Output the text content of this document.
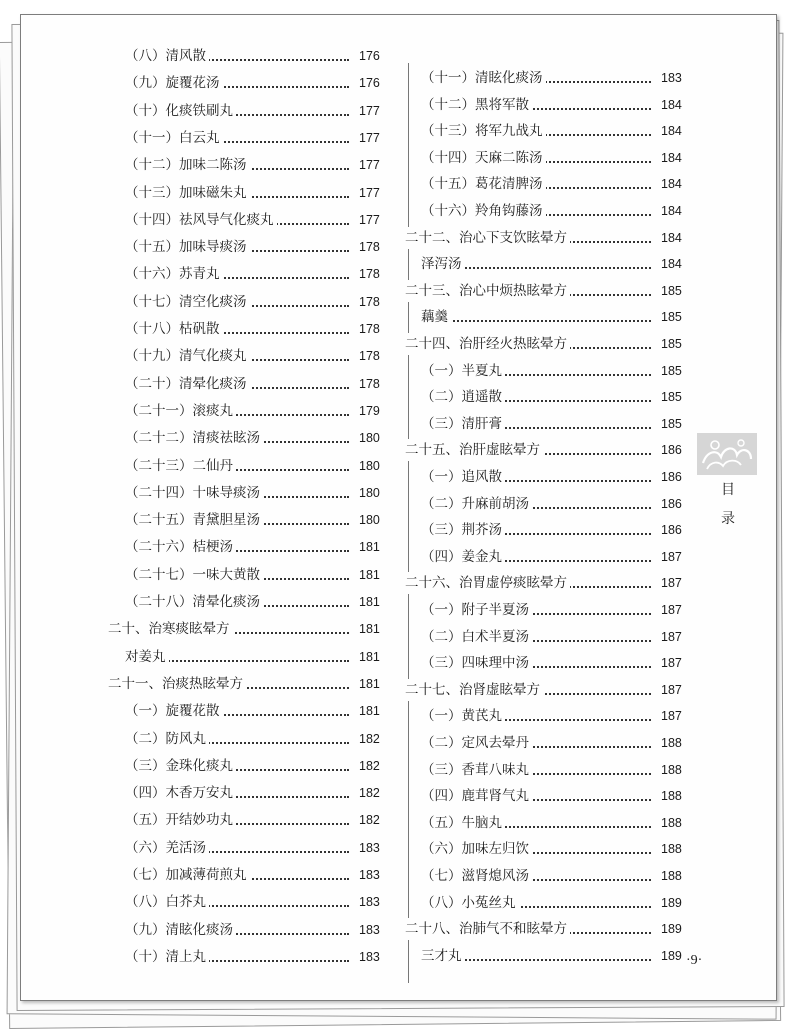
（八）清风散	176
（九）旋覆花汤	176
（十）化痰铁刷丸	177
（十一）白云丸	177
（十二）加味二陈汤	177
（十三）加味磁朱丸	177
（十四）祛风导气化痰丸	177
（十五）加味导痰汤	178
（十六）苏青丸	178
（十七）清空化痰汤	178
（十八）枯矾散	178
（十九）清气化痰丸	178
（二十）清晕化痰汤	178
（二十一）滚痰丸	179
（二十二）清痰祛眩汤	180
（二十三）二仙丹	180
（二十四）十味导痰汤	180
（二十五）青黛胆星汤	180
（二十六）桔梗汤	181
（二十七）一味大黄散	181
（二十八）清晕化痰汤	181
二十、治寒痰眩晕方	181
对姜丸	181
二十一、治痰热眩晕方	181
（一）旋覆花散	181
（二）防风丸	182
（三）金珠化痰丸	182
（四）木香万安丸	182
（五）开结妙功丸	182
（六）羌活汤	183
（七）加减薄荷煎丸	183
（八）白芥丸	183
（九）清眩化痰汤	183
（十）清上丸	183
（十一）清眩化痰汤	183
（十二）黑将军散	184
（十三）将军九战丸	184
（十四）天麻二陈汤	184
（十五）葛花清脾汤	184
（十六）羚角钩藤汤	184
二十二、治心下支饮眩晕方	184
泽泻汤	184
二十三、治心中烦热眩晕方	185
藕羹	185
二十四、治肝经火热眩晕方	185
（一）半夏丸	185
（二）逍遥散	185
（三）清肝膏	185
二十五、治肝虚眩晕方	186
（一）追风散	186
（二）升麻前胡汤	186
（三）荆芥汤	186
（四）姜金丸	187
二十六、治胃虚停痰眩晕方	187
（一）附子半夏汤	187
（二）白术半夏汤	187
（三）四味理中汤	187
二十七、治肾虚眩晕方	187
（一）黄芪丸	187
（二）定风去晕丹	188
（三）香茸八味丸	188
（四）鹿茸肾气丸	188
（五）牛脑丸	188
（六）加味左归饮	188
（七）滋肾熄风汤	188
（八）小菟丝丸	189
二十八、治肺气不和眩晕方	189
三才丸	189
目
录
·9·
